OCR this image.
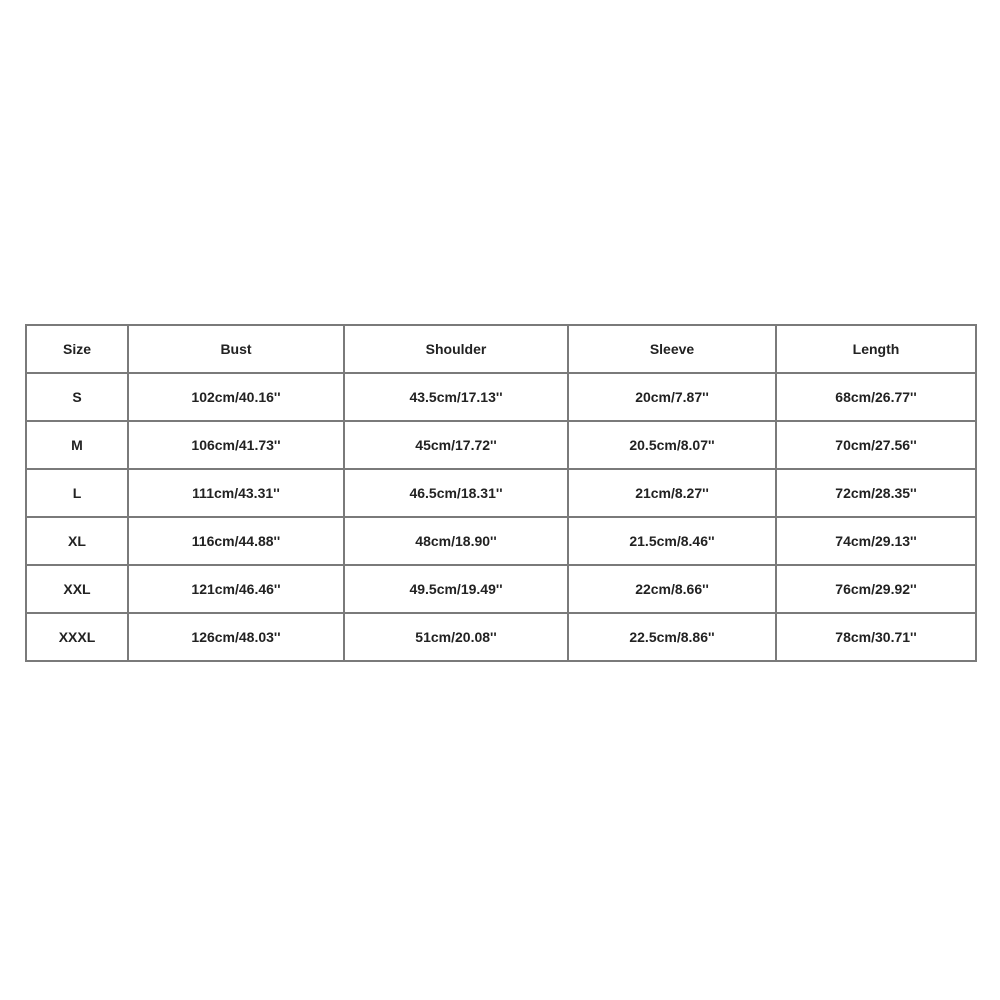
Size	Bust	Shoulder	Sleeve	Length
S	102cm/40.16''	43.5cm/17.13''	20cm/7.87''	68cm/26.77''
M	106cm/41.73''	45cm/17.72''	20.5cm/8.07''	70cm/27.56''
L	111cm/43.31''	46.5cm/18.31''	21cm/8.27''	72cm/28.35''
XL	116cm/44.88''	48cm/18.90''	21.5cm/8.46''	74cm/29.13''
XXL	121cm/46.46''	49.5cm/19.49''	22cm/8.66''	76cm/29.92''
XXXL	126cm/48.03''	51cm/20.08''	22.5cm/8.86''	78cm/30.71''
